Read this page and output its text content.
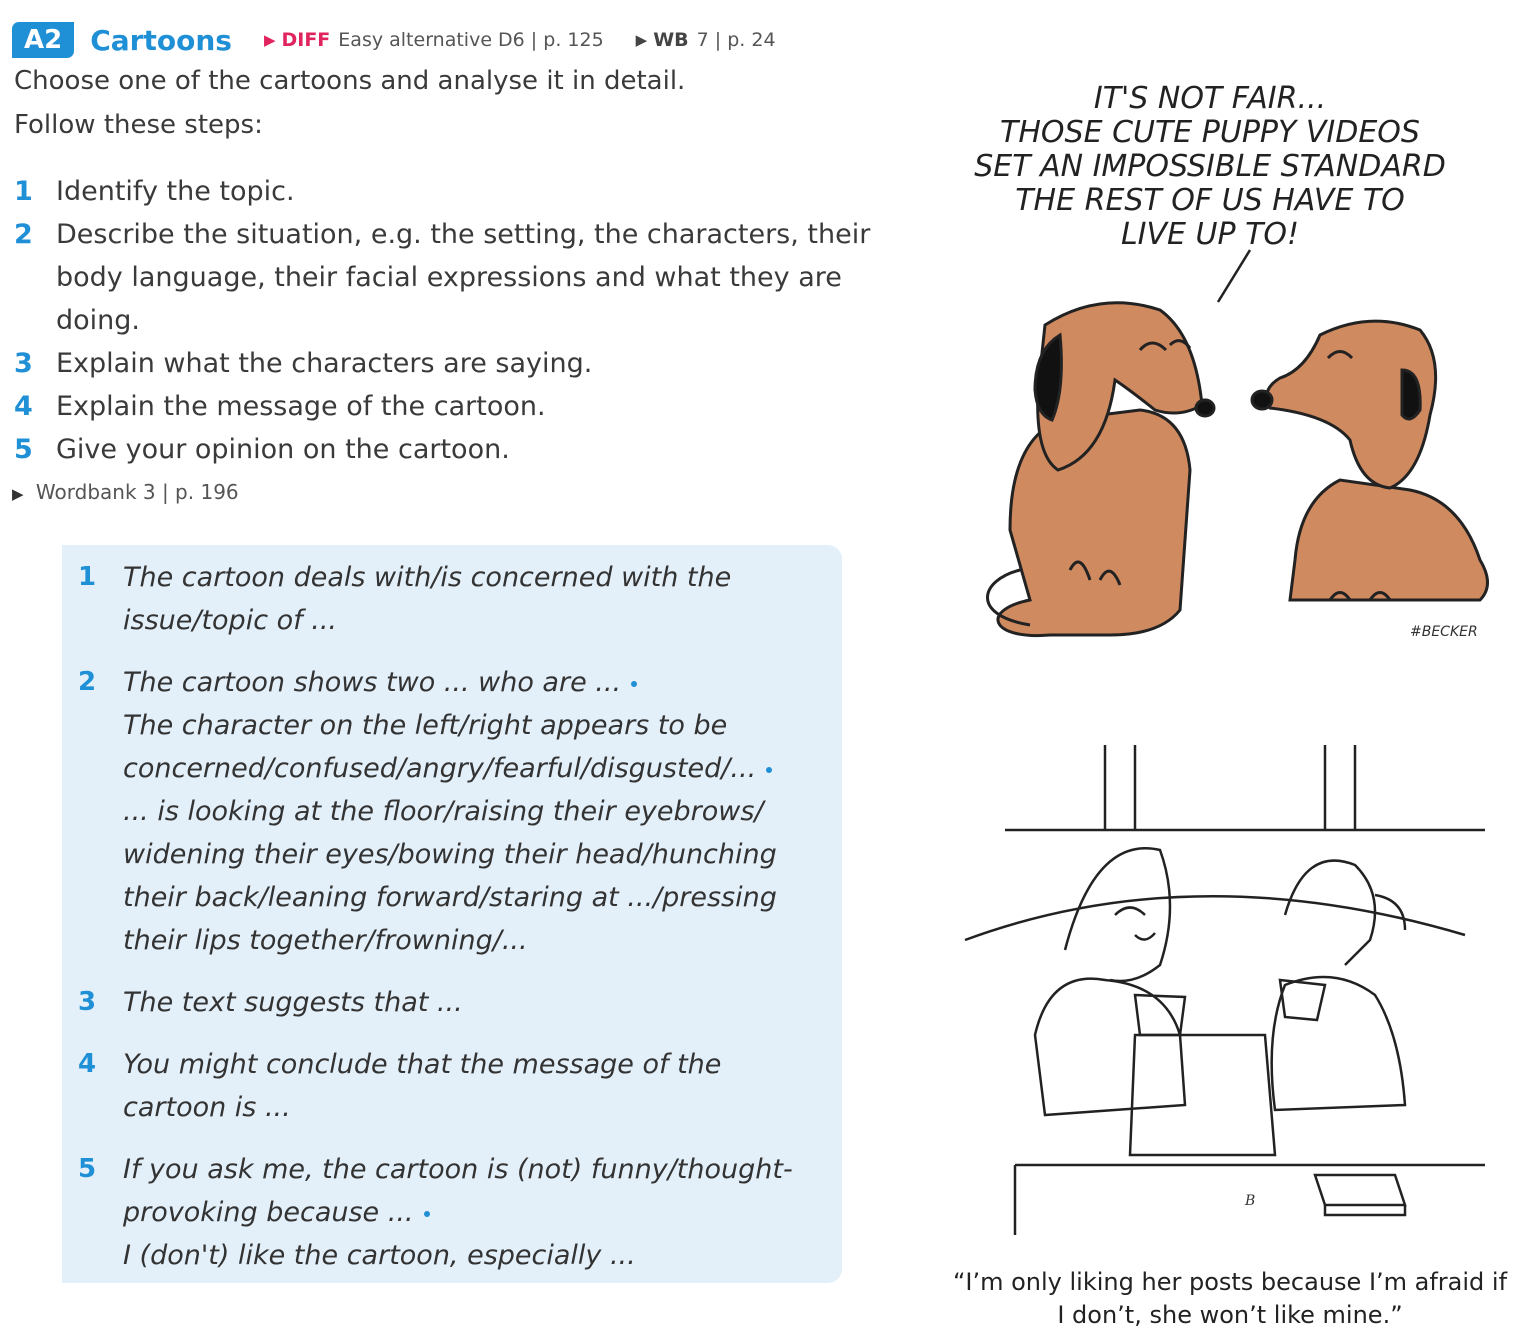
A2	Cartoons ▶ DIFF Easy alternative D6 | p. 125 ▶ WB 7 | p. 24
Choose one of the cartoons and analyse it in detail.
Follow these steps:
1 Identify the topic.
2 Describe the situation, e.g. the setting, the characters, their
body language, their facial expressions and what they are
doing.
3 Explain what the characters are saying.
4 Explain the message of the cartoon.
5 Give your opinion on the cartoon.
▶ Wordbank 3 | p. 196
1 The cartoon deals with/is concerned with the
issue/topic of ...
2 The cartoon shows two ... who are ...
The character on the left/right appears to be
concerned/confused/angry/fearful/disgusted/...
... is looking at the floor/raising their eyebrows/
widening their eyes/bowing their head/hunching
their back/leaning forward/staring at .../pressing
their lips together/frowning/...
3 The text suggests that ...
4 You might conclude that the message of the
cartoon is ...
5 If you ask me, the cartoon is (not) funny/thought-
provoking because ...
I (don't) like the cartoon, especially ...
IT'S NOT FAIR...
THOSE CUTE PUPPY VIDEOS
SET AN IMPOSSIBLE STANDARD
THE REST OF US HAVE TO
LIVE UP TO!
#BECKER
B
“I’m only liking her posts because I’m afraid if
I don’t, she won’t like mine.”
